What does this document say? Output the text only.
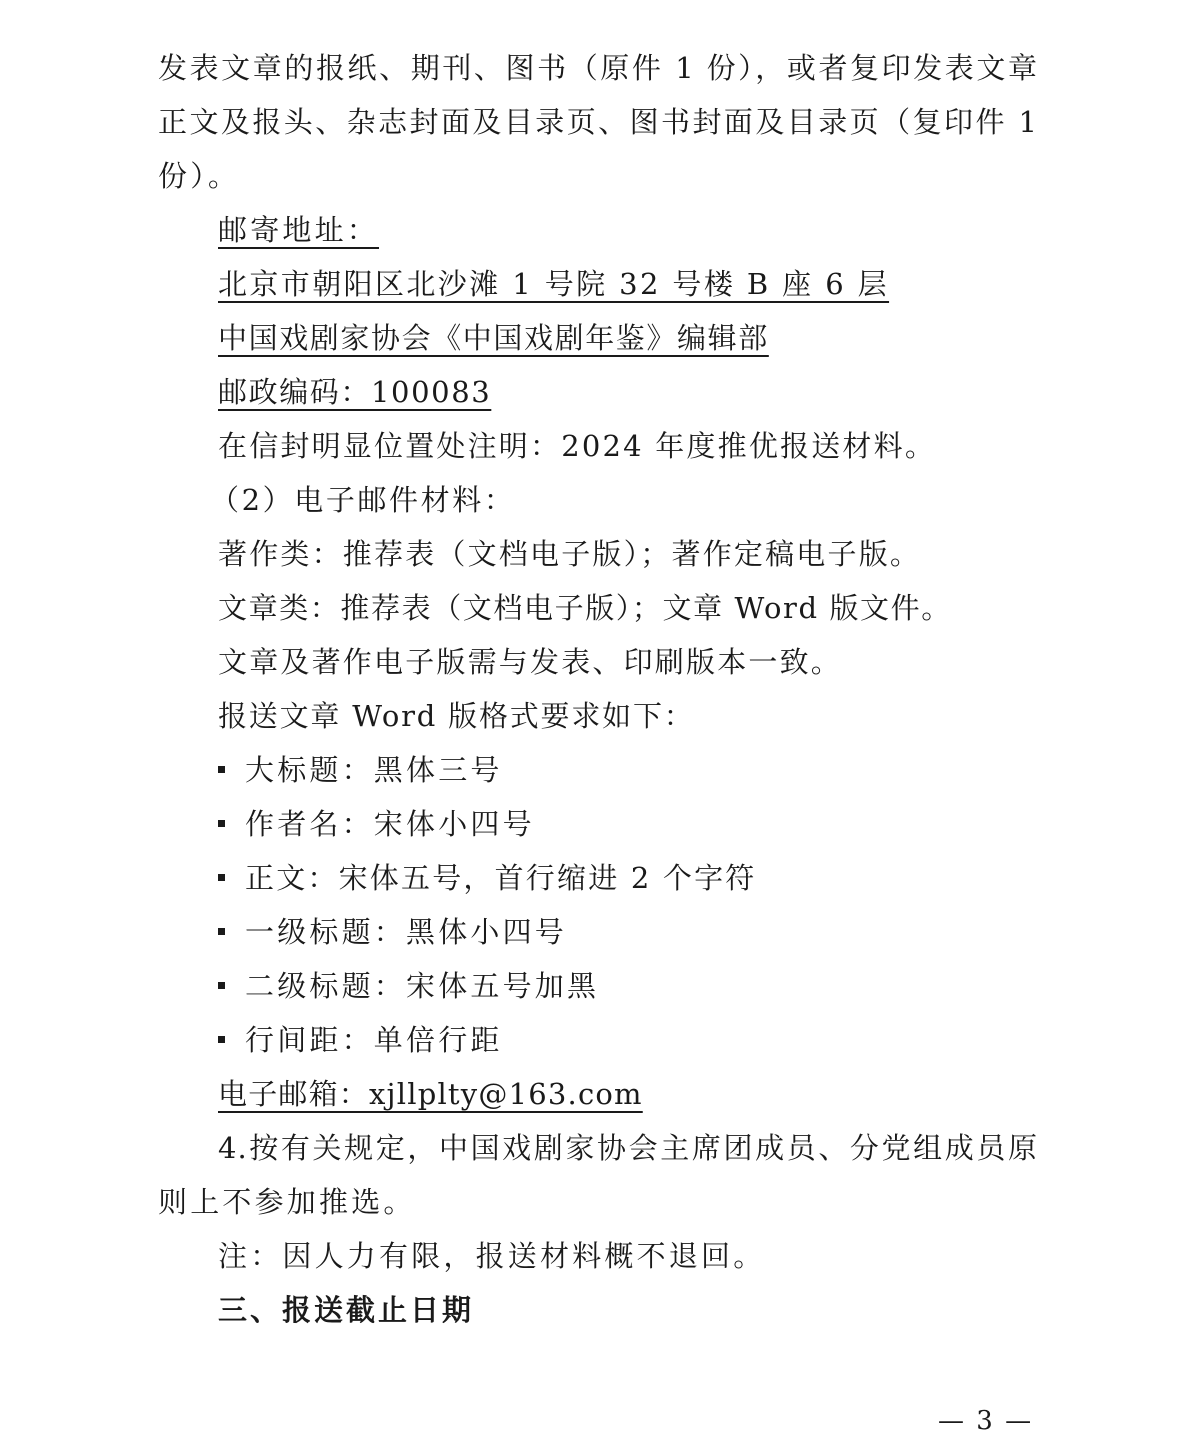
发表文章的报纸、期刊、图书（原件 1 份），或者复印发表文章
正文及报头、杂志封面及目录页、图书封面及目录页（复印件 1
份）。
邮寄地址：
北京市朝阳区北沙滩 1 号院 32 号楼 B 座 6 层
中国戏剧家协会《中国戏剧年鉴》编辑部
邮政编码：100083
在信封明显位置处注明：2024 年度推优报送材料。
（2）电子邮件材料：
著作类：推荐表（文档电子版）；著作定稿电子版。
文章类：推荐表（文档电子版）；文章 Word 版文件。
文章及著作电子版需与发表、印刷版本一致。
报送文章 Word 版格式要求如下：
大标题：黑体三号
作者名：宋体小四号
正文：宋体五号，首行缩进 2 个字符
一级标题：黑体小四号
二级标题：宋体五号加黑
行间距：单倍行距
电子邮箱：xjllplty@163.com
4.按有关规定，中国戏剧家协会主席团成员、分党组成员原
则上不参加推选。
注：因人力有限，报送材料概不退回。
三、报送截止日期
— 3 —
